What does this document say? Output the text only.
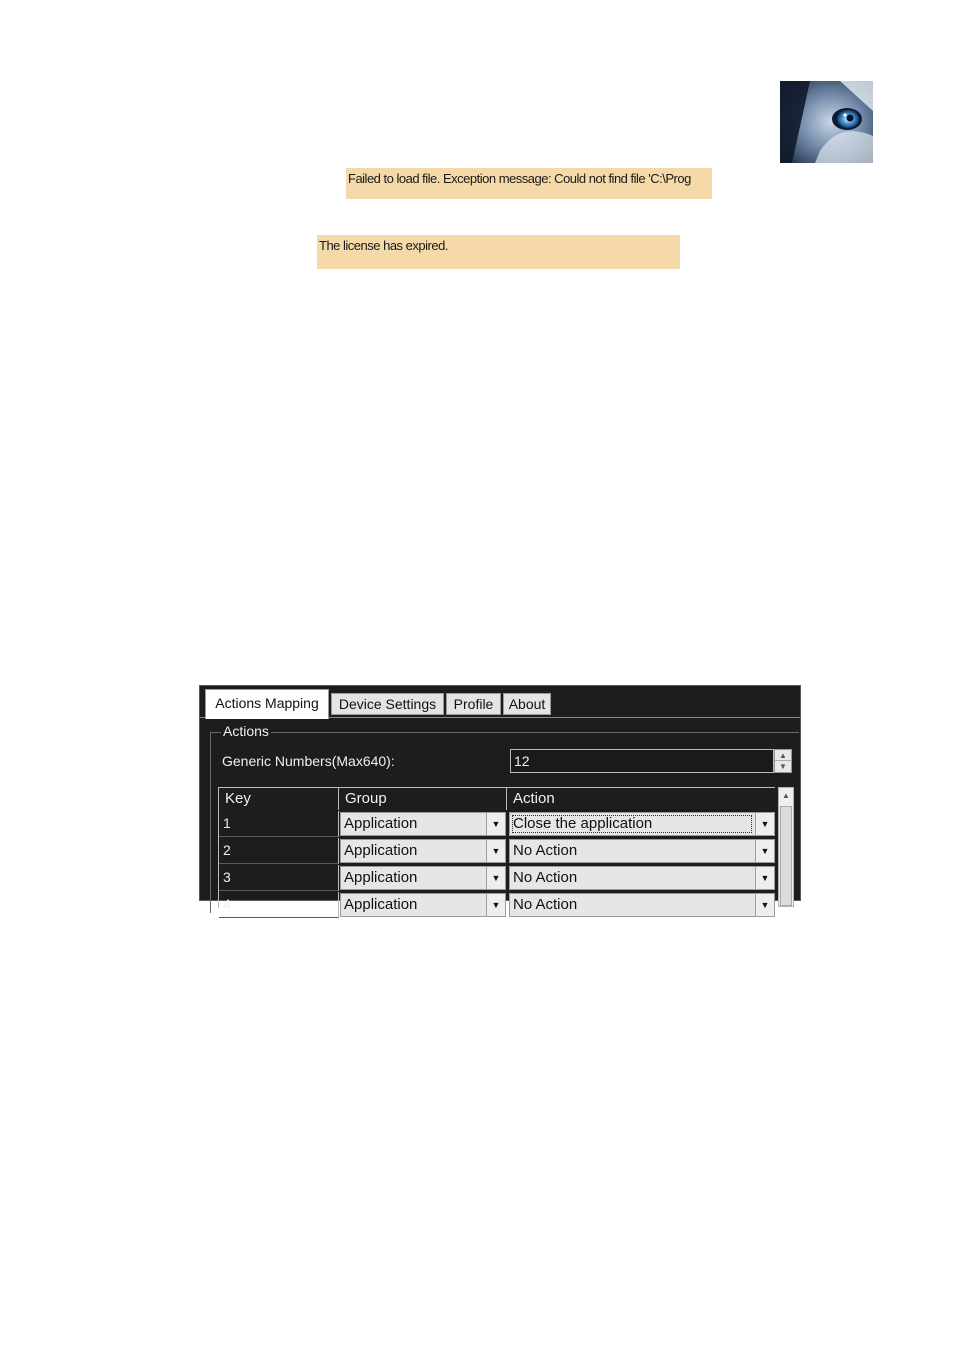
Failed to load file. Exception message: Could not find file 'C:\Prog
The license has expired.
Actions Mapping	Device Settings	Profile	About
Actions
Generic Numbers(Max640):	12	▲
▼
Key	Group	Action
1	Application	▼ Close the application	▼
2	Application	▼ No Action	▼
3	Application	▼ No Action	▼
4	Application	▼ No Action	▼
▲
